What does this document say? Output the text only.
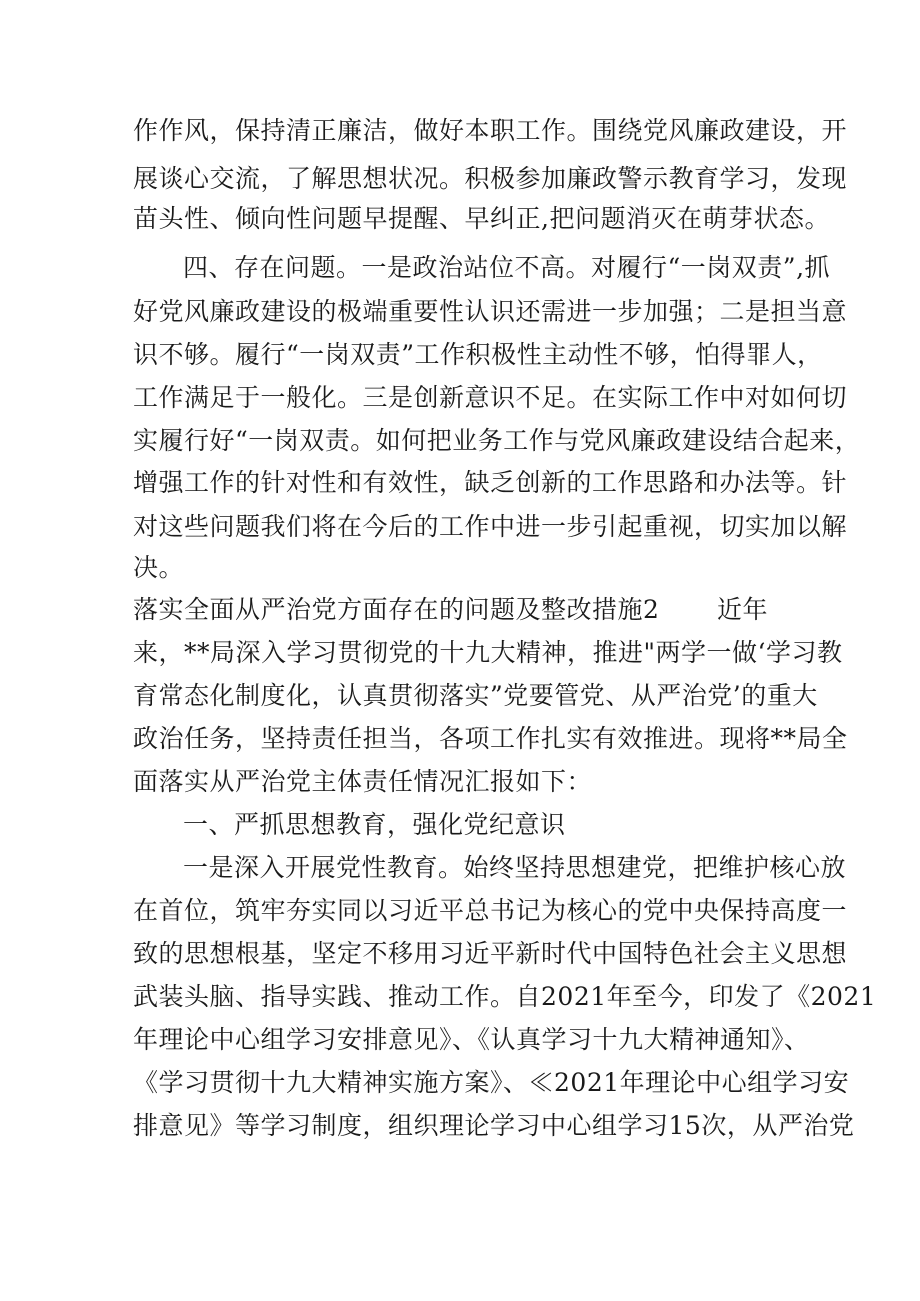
作作风，保持清正廉洁，做好本职工作。围绕党风廉政建设，开
展谈心交流，了解思想状况。积极参加廉政警示教育学习，发现
苗头性、倾向性问题早提醒、早纠正,把问题消灭在萌芽状态。
四、存在问题。一是政治站位不高。对履行“一岗双责”,抓
好党风廉政建设的极端重要性认识还需进一步加强；二是担当意
识不够。履行“一岗双责”工作积极性主动性不够，怕得罪人，
工作满足于一般化。三是创新意识不足。在实际工作中对如何切
实履行好“一岗双责。如何把业务工作与党风廉政建设结合起来，
增强工作的针对性和有效性，缺乏创新的工作思路和办法等。针
对这些问题我们将在今后的工作中进一步引起重视，切实加以解
决。
落实全面从严治党方面存在的问题及整改措施2 近年
来，**局深入学习贯彻党的十九大精神，推进"两学一做‘学习教
育常态化制度化，认真贯彻落实”党要管党、从严治党’的重大
政治任务，坚持责任担当，各项工作扎实有效推进。现将**局全
面落实从严治党主体责任情况汇报如下：
一、严抓思想教育，强化党纪意识
一是深入开展党性教育。始终坚持思想建党，把维护核心放
在首位，筑牢夯实同以习近平总书记为核心的党中央保持高度一
致的思想根基，坚定不移用习近平新时代中国特色社会主义思想
武装头脑、指导实践、推动工作。自2021年至今，印发了《2021
年理论中心组学习安排意见》、《认真学习十九大精神通知》、
《学习贯彻十九大精神实施方案》、≪2021年理论中心组学习安
排意见》等学习制度，组织理论学习中心组学习15次，从严治党
